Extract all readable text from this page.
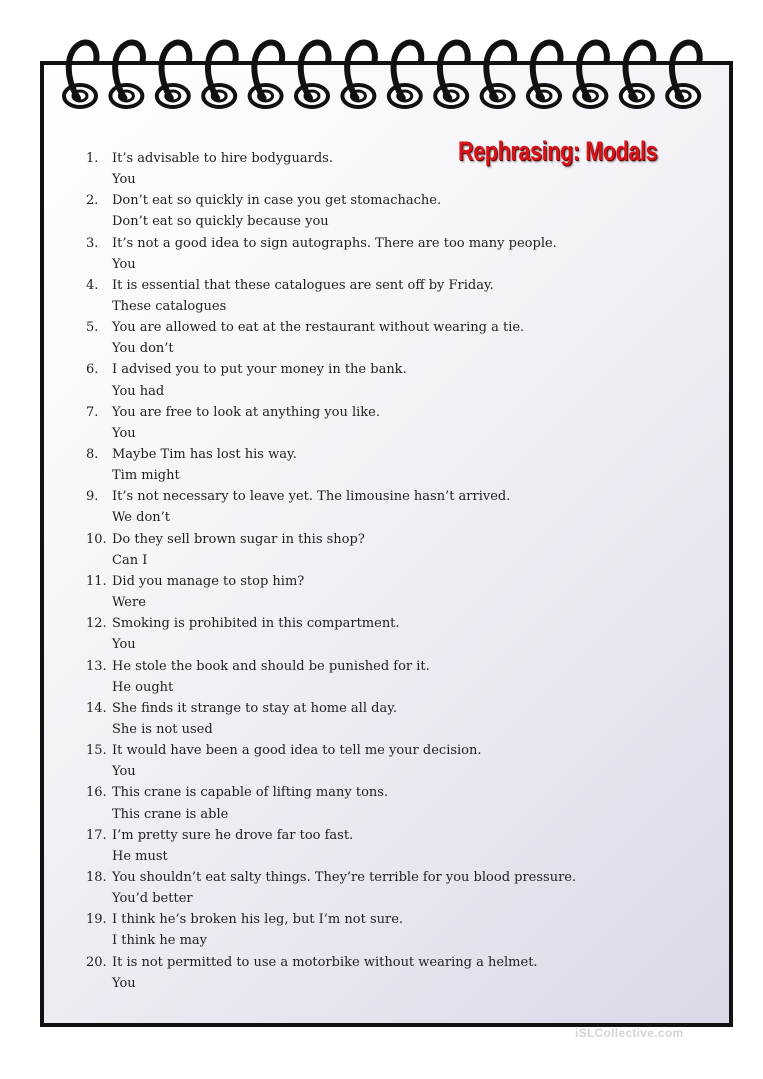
Rephrasing: Modals
1. It’s advisable to hire bodyguards.
You
2. Don’t eat so quickly in case you get stomachache.
Don’t eat so quickly because you
3. It’s not a good idea to sign autographs. There are too many people.
You
4. It is essential that these catalogues are sent off by Friday.
These catalogues
5. You are allowed to eat at the restaurant without wearing a tie.
You don’t
6. I advised you to put your money in the bank.
You had
7. You are free to look at anything you like.
You
8. Maybe Tim has lost his way.
Tim might
9. It’s not necessary to leave yet. The limousine hasn’t arrived.
We don’t
10. Do they sell brown sugar in this shop?
Can I
11. Did you manage to stop him?
Were
12. Smoking is prohibited in this compartment.
You
13. He stole the book and should be punished for it.
He ought
14. She finds it strange to stay at home all day.
She is not used
15. It would have been a good idea to tell me your decision.
You
16. This crane is capable of lifting many tons.
This crane is able
17. I’m pretty sure he drove far too fast.
He must
18. You shouldn’t eat salty things. They’re terrible for you blood pressure.
You’d better
19. I think he’s broken his leg, but I’m not sure.
I think he may
20. It is not permitted to use a motorbike without wearing a helmet.
You
iSLCollective.com
